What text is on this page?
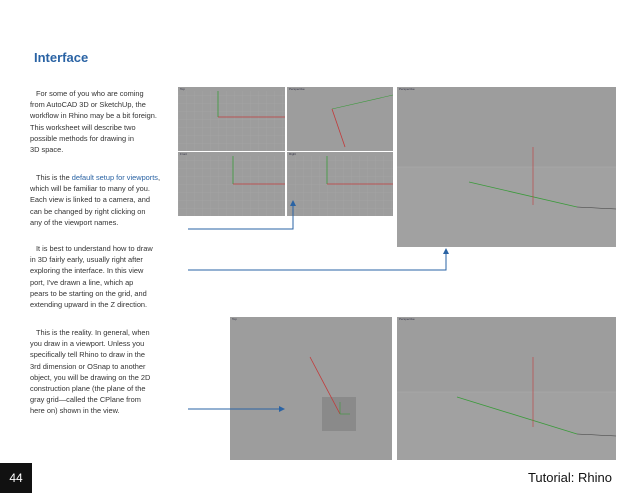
Interface
For some of you who are coming
from AutoCAD 3D or SketchUp, the
workflow in Rhino may be a bit foreign.
This worksheet will describe two
possible methods for drawing in
3D space.
This is the default setup for viewports,
which will be familiar to many of you.
Each view is linked to a camera, and
can be changed by right clicking on
any of the viewport names.
It is best to understand how to draw
in 3D fairly early, usually right after
exploring the interface. In this view
port, I've drawn a line, which ap
pears to be starting on the grid, and
extending upward in the Z direction.
This is the reality. In general, when
you draw in a viewport. Unless you
specifically tell Rhino to draw in the
3rd dimension or OSnap to another
object, you will be drawing on the 2D
construction plane (the plane of the
gray grid—called the CPlane from
here on) shown in the view.
Top	Perspective
Front	Right
Perspective
Top	Perspective
44	Tutorial: Rhino
